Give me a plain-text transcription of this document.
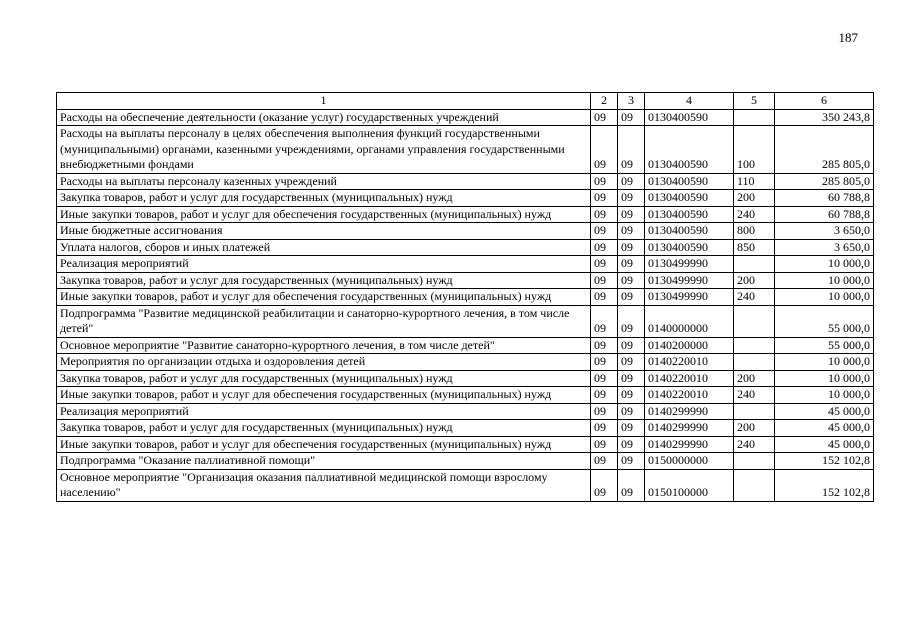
187
1	2	3	4	5	6
Расходы на обеспечение деятельности (оказание услуг) государственных учреждений	09	09	0130400590		350 243,8
Расходы на выплаты персоналу в целях обеспечения выполнения функций государственными (муниципальными) органами, казенными учреждениями, органами управления государственными внебюджетными фондами	09	09	0130400590	100	285 805,0
Расходы на выплаты персоналу казенных учреждений	09	09	0130400590	110	285 805,0
Закупка товаров, работ и услуг для государственных (муниципальных) нужд	09	09	0130400590	200	60 788,8
Иные закупки товаров, работ и услуг для обеспечения государственных (муниципальных) нужд	09	09	0130400590	240	60 788,8
Иные бюджетные ассигнования	09	09	0130400590	800	3 650,0
Уплата налогов, сборов и иных платежей	09	09	0130400590	850	3 650,0
Реализация мероприятий	09	09	0130499990		10 000,0
Закупка товаров, работ и услуг для государственных (муниципальных) нужд	09	09	0130499990	200	10 000,0
Иные закупки товаров, работ и услуг для обеспечения государственных (муниципальных) нужд	09	09	0130499990	240	10 000,0
Подпрограмма "Развитие медицинской реабилитации и санаторно-курортного лечения, в том числе детей"	09	09	0140000000		55 000,0
Основное мероприятие "Развитие санаторно-курортного лечения, в том числе детей"	09	09	0140200000		55 000,0
Мероприятия по организации отдыха и оздоровления детей	09	09	0140220010		10 000,0
Закупка товаров, работ и услуг для государственных (муниципальных) нужд	09	09	0140220010	200	10 000,0
Иные закупки товаров, работ и услуг для обеспечения государственных (муниципальных) нужд	09	09	0140220010	240	10 000,0
Реализация мероприятий	09	09	0140299990		45 000,0
Закупка товаров, работ и услуг для государственных (муниципальных) нужд	09	09	0140299990	200	45 000,0
Иные закупки товаров, работ и услуг для обеспечения государственных (муниципальных) нужд	09	09	0140299990	240	45 000,0
Подпрограмма "Оказание паллиативной помощи"	09	09	0150000000		152 102,8
Основное мероприятие "Организация оказания паллиативной медицинской помощи взрослому населению"	09	09	0150100000		152 102,8
